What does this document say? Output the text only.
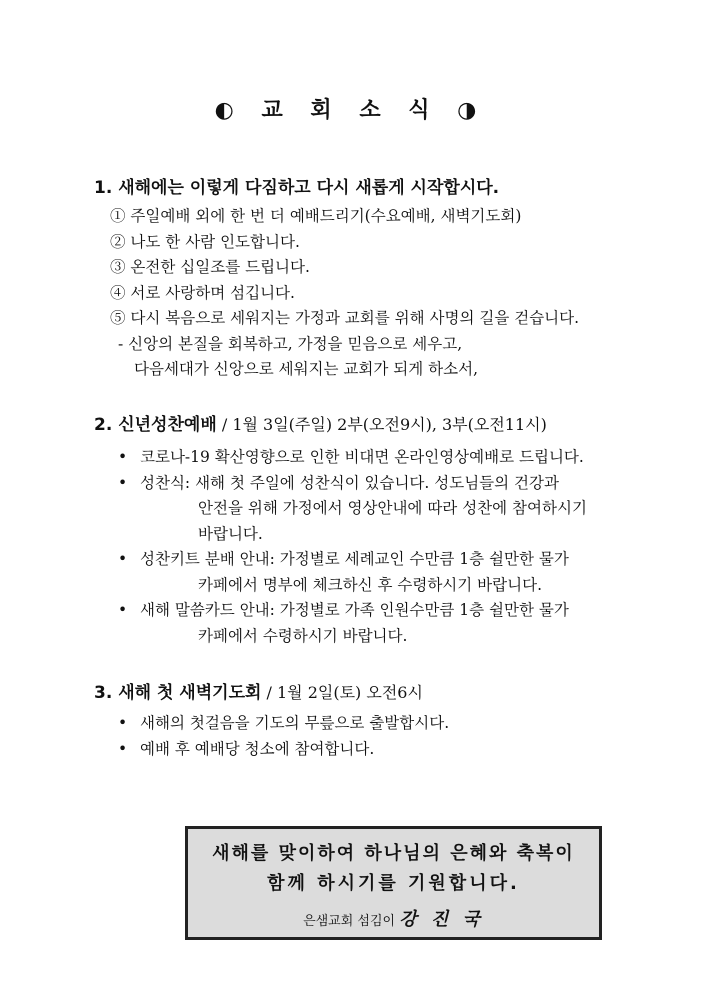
◐ 교 회 소 식 ◑
1. 새해에는 이렇게 다짐하고 다시 새롭게 시작합시다.
① 주일예배 외에 한 번 더 예배드리기(수요예배, 새벽기도회)
② 나도 한 사람 인도합니다.
③ 온전한 십일조를 드립니다.
④ 서로 사랑하며 섬깁니다.
⑤ 다시 복음으로 세워지는 가정과 교회를 위해 사명의 길을 걷습니다.
- 신앙의 본질을 회복하고, 가정을 믿음으로 세우고,
다음세대가 신앙으로 세워지는 교회가 되게 하소서,
2. 신년성찬예배 / 1월 3일(주일) 2부(오전9시), 3부(오전11시)
• 코로나-19 확산영향으로 인한 비대면 온라인영상예배로 드립니다.
• 성찬식: 새해 첫 주일에 성찬식이 있습니다. 성도님들의 건강과
안전을 위해 가정에서 영상안내에 따라 성찬에 참여하시기
바랍니다.
• 성찬키트 분배 안내: 가정별로 세례교인 수만큼 1층 쉴만한 물가
카페에서 명부에 체크하신 후 수령하시기 바랍니다.
• 새해 말씀카드 안내: 가정별로 가족 인원수만큼 1층 쉴만한 물가
카페에서 수령하시기 바랍니다.
3. 새해 첫 새벽기도회 / 1월 2일(토) 오전6시
• 새해의 첫걸음을 기도의 무릎으로 출발합시다.
• 예배 후 예배당 청소에 참여합니다.
새해를 맞이하여 하나님의 은혜와 축복이
함께 하시기를 기원합니다.
은샘교회 섬김이 강 진 국
